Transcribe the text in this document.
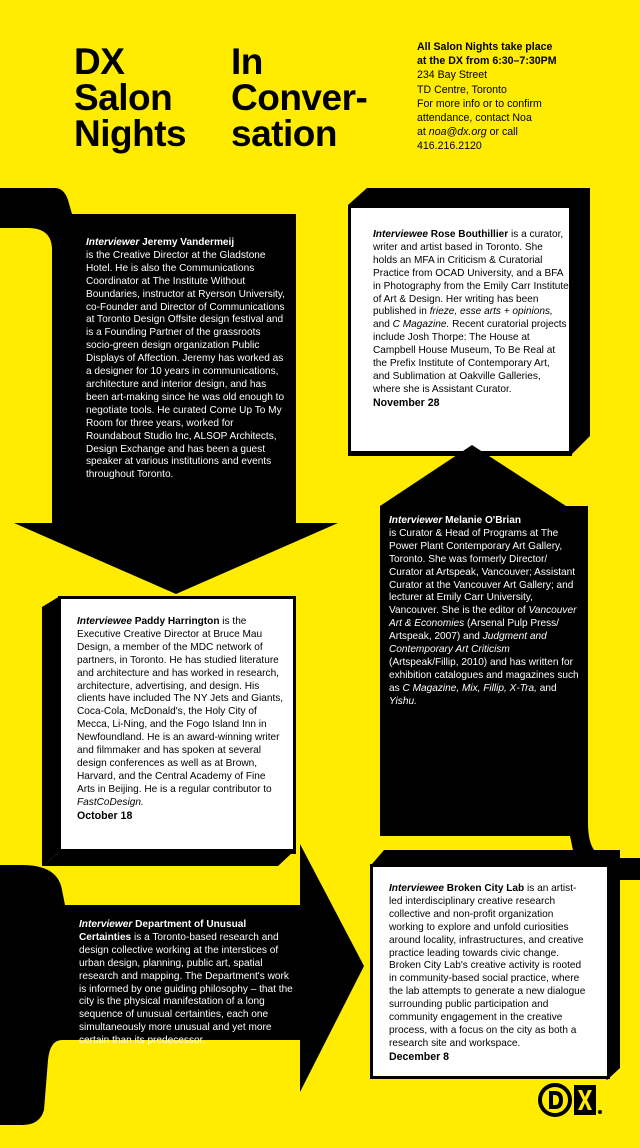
DX
Salon
Nights
In
Conver-
sation
All Salon Nights take place
at the DX from 6:30–7:30PM
234 Bay Street
TD Centre, Toronto
For more info or to confirm
attendance, contact Noa
at noa@dx.org or call
416.216.2120

Interviewer Jeremy Vandermeij
is the Creative Director at the Gladstone Hotel. He is also the Communications Coordinator at The Institute Without Boundaries, instructor at Ryerson University, co-Founder and Director of Communications at Toronto Design Offsite design festival and is a Founding Partner of the grassroots socio-green design organization Public Displays of Affection. Jeremy has worked as a designer for 10 years in communications, architecture and interior design, and has been art-making since he was old enough to negotiate tools. He curated Come Up To My Room for three years, worked for Roundabout Studio Inc, ALSOP Architects, Design Exchange and has been a guest speaker at various institutions and events throughout Toronto.

Interviewee Rose Bouthillier is a curator, writer and artist based in Toronto. She holds an MFA in Criticism & Curatorial Practice from OCAD University, and a BFA in Photography from the Emily Carr Institute of Art & Design. Her writing has been published in frieze, esse arts + opinions, and C Magazine. Recent curatorial projects include Josh Thorpe: The House at Campbell House Museum, To Be Real at the Prefix Institute of Contemporary Art, and Sublimation at Oakville Galleries, where she is Assistant Curator.

November 28

Interviewer Melanie O'Brian
is Curator & Head of Programs at The Power Plant Contemporary Art Gallery, Toronto. She was formerly Director/ Curator at Artspeak, Vancouver; Assistant Curator at the Vancouver Art Gallery; and lecturer at Emily Carr University, Vancouver. She is the editor of Vancouver Art & Economies (Arsenal Pulp Press/ Artspeak, 2007) and Judgment and Contemporary Art Criticism (Artspeak/Fillip, 2010) and has written for exhibition catalogues and magazines such as C Magazine, Mix, Fillip, X-Tra, and Yishu.

Interviewee Paddy Harrington is the Executive Creative Director at Bruce Mau Design, a member of the MDC network of partners, in Toronto. He has studied literature and architecture and has worked in research, architecture, advertising, and design. His clients have included The NY Jets and Giants, Coca-Cola, McDonald's, the Holy City of Mecca, Li-Ning, and the Fogo Island Inn in Newfoundland. He is an award-winning writer and filmmaker and has spoken at several design conferences as well as at Brown, Harvard, and the Central Academy of Fine Arts in Beijing. He is a regular contributor to FastCoDesign.

October 18

Interviewer Department of Unusual Certainties is a Toronto-based research and design collective working at the interstices of urban design, planning, public art, spatial research and mapping. The Department's work is informed by one guiding philosophy – that the city is the physical manifestation of a long sequence of unusual certainties, each one simultaneously more unusual and yet more certain than its predecessor.

Interviewee Broken City Lab is an artist-led interdisciplinary creative research collective and non-profit organization working to explore and unfold curiosities around locality, infrastructures, and creative practice leading towards civic change. Broken City Lab's creative activity is rooted in community-based social practice, where the lab attempts to generate a new dialogue surrounding public participation and community engagement in the creative process, with a focus on the city as both a research site and workspace.

December 8
